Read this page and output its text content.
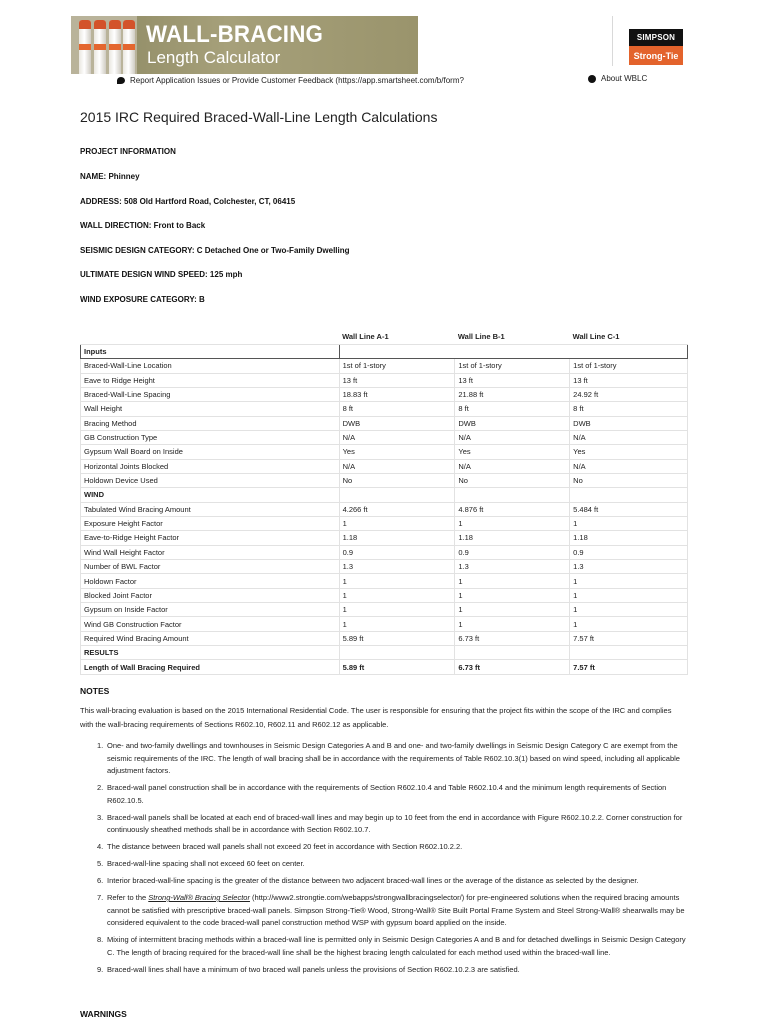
WALL-BRACING
Length Calculator
SIMPSON
Strong-Tie
Report Application Issues or Provide Customer Feedback (https://app.smartsheet.com/b/form?	About WBLC
2015 IRC Required Braced-Wall-Line Length Calculations
PROJECT INFORMATION
NAME: Phinney
ADDRESS: 508 Old Hartford Road, Colchester, CT, 06415
WALL DIRECTION: Front to Back
SEISMIC DESIGN CATEGORY: C Detached One or Two-Family Dwelling
ULTIMATE DESIGN WIND SPEED: 125 mph
WIND EXPOSURE CATEGORY: B
	Wall Line A-1	Wall Line B-1	Wall Line C-1
Inputs			
Braced-Wall-Line Location	1st of 1-story	1st of 1-story	1st of 1-story
Eave to Ridge Height	13 ft	13 ft	13 ft
Braced-Wall-Line Spacing	18.83 ft	21.88 ft	24.92 ft
Wall Height	8 ft	8 ft	8 ft
Bracing Method	DWB	DWB	DWB
GB Construction Type	N/A	N/A	N/A
Gypsum Wall Board on Inside	Yes	Yes	Yes
Horizontal Joints Blocked	N/A	N/A	N/A
Holdown Device Used	No	No	No
WIND			
Tabulated Wind Bracing Amount	4.266 ft	4.876 ft	5.484 ft
Exposure Height Factor	1	1	1
Eave-to-Ridge Height Factor	1.18	1.18	1.18
Wind Wall Height Factor	0.9	0.9	0.9
Number of BWL Factor	1.3	1.3	1.3
Holdown Factor	1	1	1
Blocked Joint Factor	1	1	1
Gypsum on Inside Factor	1	1	1
Wind GB Construction Factor	1	1	1
Required Wind Bracing Amount	5.89 ft	6.73 ft	7.57 ft
RESULTS			
Length of Wall Bracing Required	5.89 ft	6.73 ft	7.57 ft
NOTES
This wall-bracing evaluation is based on the 2015 International Residential Code. The user is responsible for ensuring that the project fits within the scope of the IRC and complies with the wall-bracing requirements of Sections R602.10, R602.11 and R602.12 as applicable.
1. One- and two-family dwellings and townhouses in Seismic Design Categories A and B and one- and two-family dwellings in Seismic Design Category C are exempt from the seismic requirements of the IRC. The length of wall bracing shall be in accordance with the requirements of Table R602.10.3(1) based on wind speed, including all applicable adjustment factors.
2. Braced-wall panel construction shall be in accordance with the requirements of Section R602.10.4 and Table R602.10.4 and the minimum length requirements of Section R602.10.5.
3. Braced-wall panels shall be located at each end of braced-wall lines and may begin up to 10 feet from the end in accordance with Figure R602.10.2.2. Corner construction for continuously sheathed methods shall be in accordance with Section R602.10.7.
4. The distance between braced wall panels shall not exceed 20 feet in accordance with Section R602.10.2.2.
5. Braced-wall-line spacing shall not exceed 60 feet on center.
6. Interior braced-wall-line spacing is the greater of the distance between two adjacent braced-wall lines or the average of the distance as selected by the designer.
7. Refer to the Strong-Wall® Bracing Selector (http://www2.strongtie.com/webapps/strongwallbracingselector/) for pre-engineered solutions when the required bracing amounts cannot be satisfied with prescriptive braced-wall panels. Simpson Strong-Tie® Wood, Strong-Wall® Site Built Portal Frame System and Steel Strong-Wall® shearwalls may be considered equivalent to the code braced-wall panel construction method WSP with gypsum board applied on the inside.
8. Mixing of intermittent bracing methods within a braced-wall line is permitted only in Seismic Design Categories A and B and for detached dwellings in Seismic Design Category C. The length of bracing required for the braced-wall line shall be the highest bracing length calculated for each method used within the braced-wall line.
9. Braced-wall lines shall have a minimum of two braced wall panels unless the provisions of Section R602.10.2.3 are satisfied.
WARNINGS
